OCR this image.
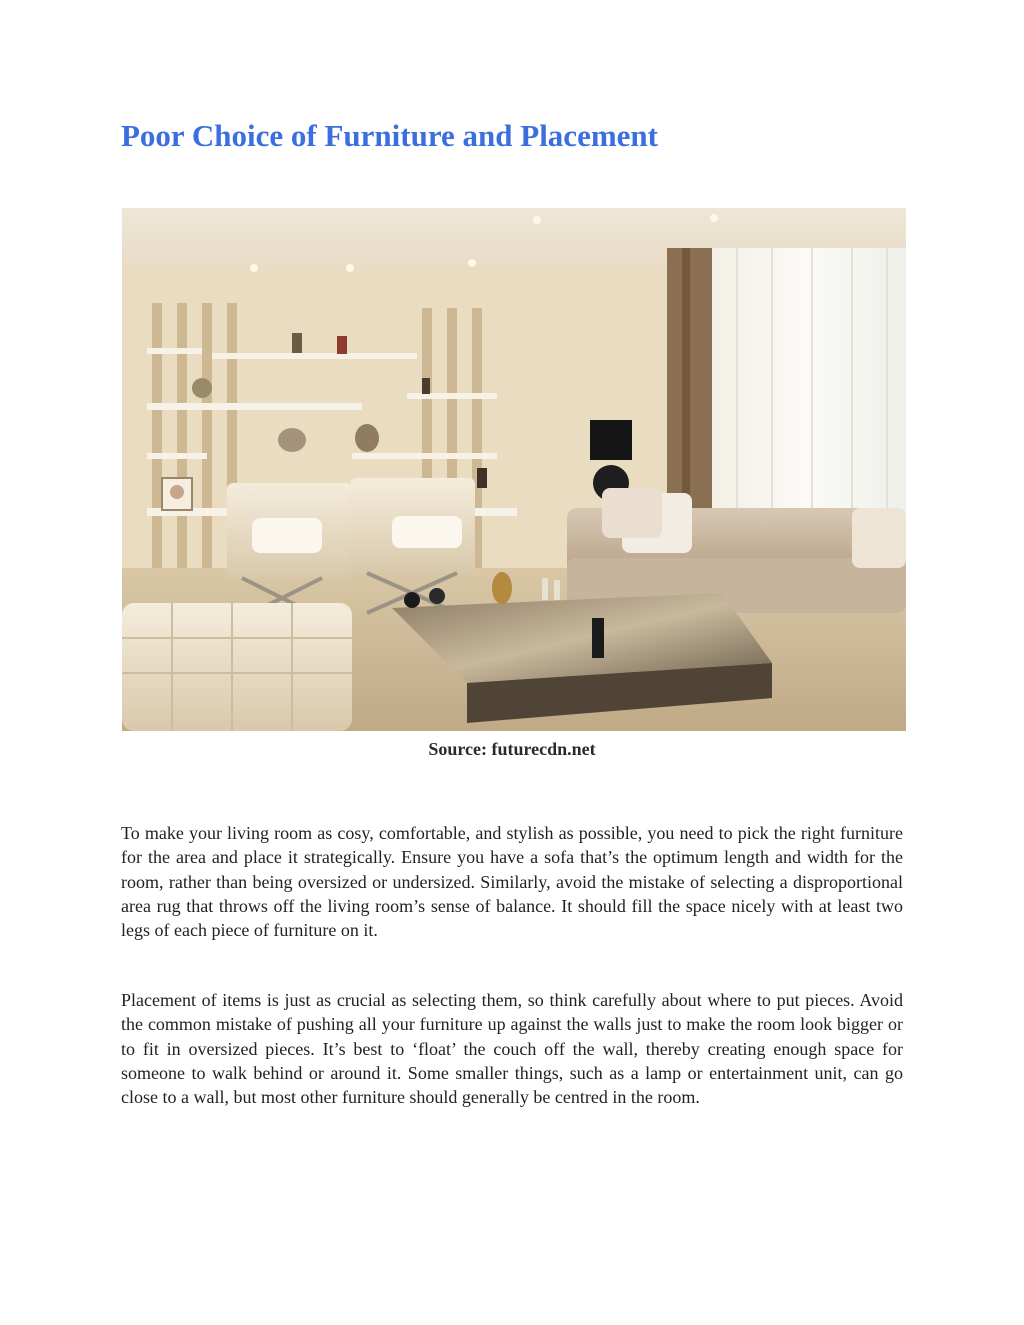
Poor Choice of Furniture and Placement
Source: futurecdn.net

To make your living room as cosy, comfortable, and stylish as possible, you need to pick the right furniture for the area and place it strategically. Ensure you have a sofa that’s the optimum length and width for the room, rather than being oversized or undersized. Similarly, avoid the mistake of selecting a disproportional area rug that throws off the living room’s sense of balance. It should fill the space nicely with at least two legs of each piece of furniture on it.

Placement of items is just as crucial as selecting them, so think carefully about where to put pieces. Avoid the common mistake of pushing all your furniture up against the walls just to make the room look bigger or to fit in oversized pieces. It’s best to ‘float’ the couch off the wall, thereby creating enough space for someone to walk behind or around it. Some smaller things, such as a lamp or entertainment unit, can go close to a wall, but most other furniture should generally be centred in the room.
